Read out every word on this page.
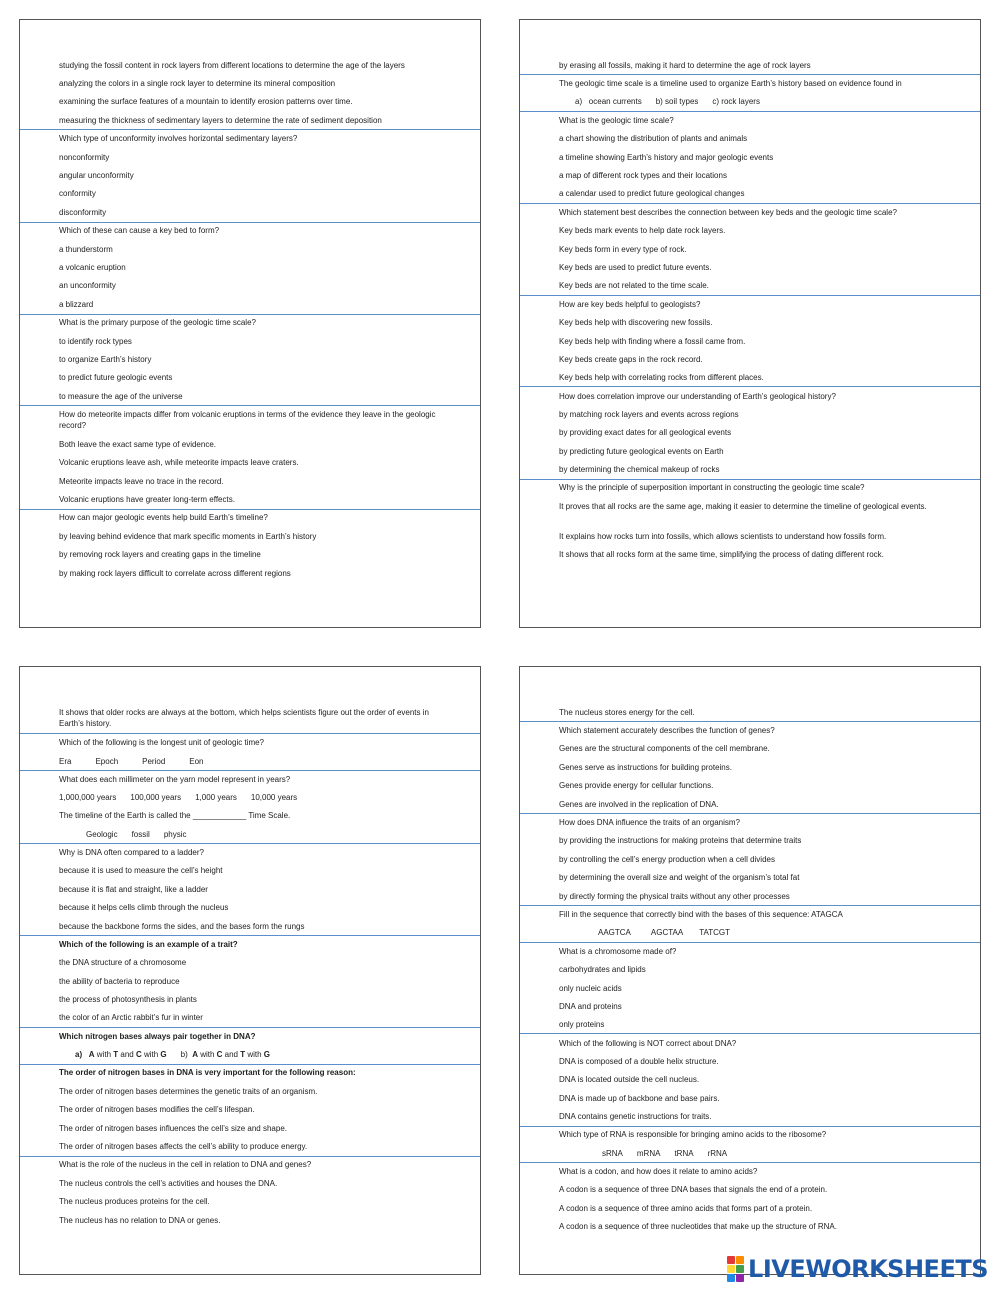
studying the fossil content in rock layers from different locations to determine the age of the layers
analyzing the colors in a single rock layer to determine its mineral composition
examining the surface features of a mountain to identify erosion patterns over time.
measuring the thickness of sedimentary layers to determine the rate of sediment deposition
Which type of unconformity involves horizontal sedimentary layers?
nonconformity
angular unconformity
conformity
disconformity
Which of these can cause a key bed to form?
a thunderstorm
a volcanic eruption
an unconformity
a blizzard
What is the primary purpose of the geologic time scale?
to identify rock types
to organize Earth’s history
to predict future geologic events
to measure the age of the universe
How do meteorite impacts differ from volcanic eruptions in terms of the evidence they leave in the geologic record?
Both leave the exact same type of evidence.
Volcanic eruptions leave ash, while meteorite impacts leave craters.
Meteorite impacts leave no trace in the record.
Volcanic eruptions have greater long-term effects.
How can major geologic events help build Earth’s timeline?
by leaving behind evidence that mark specific moments in Earth’s history
by removing rock layers and creating gaps in the timeline
by making rock layers difficult to correlate across different regions
by erasing all fossils, making it hard to determine the age of rock layers
The geologic time scale is a timeline used to organize Earth’s history based on evidence found in
a) ocean currents b) soil types c) rock layers
What is the geologic time scale?
a chart showing the distribution of plants and animals
a timeline showing Earth’s history and major geologic events
a map of different rock types and their locations
a calendar used to predict future geological changes
Which statement best describes the connection between key beds and the geologic time scale?
Key beds mark events to help date rock layers.
Key beds form in every type of rock.
Key beds are used to predict future events.
Key beds are not related to the time scale.
How are key beds helpful to geologists?
Key beds help with discovering new fossils.
Key beds help with finding where a fossil came from.
Key beds create gaps in the rock record.
Key beds help with correlating rocks from different places.
How does correlation improve our understanding of Earth’s geological history?
by matching rock layers and events across regions
by providing exact dates for all geological events
by predicting future geological events on Earth
by determining the chemical makeup of rocks
Why is the principle of superposition important in constructing the geologic time scale?
It proves that all rocks are the same age, making it easier to determine the timeline of geological events.
It explains how rocks turn into fossils, which allows scientists to understand how fossils form.
It shows that all rocks form at the same time, simplifying the process of dating different rock.
It shows that older rocks are always at the bottom, which helps scientists figure out the order of events in Earth’s history.
Which of the following is the longest unit of geologic time?
Era	Epoch	Period	Eon
What does each millimeter on the yarn model represent in years?
1,000,000 years 100,000 years 1,000 years 10,000 years
The timeline of the Earth is called the ____________ Time Scale.
Geologic fossil physic
Why is DNA often compared to a ladder?
because it is used to measure the cell’s height
because it is flat and straight, like a ladder
because it helps cells climb through the nucleus
because the backbone forms the sides, and the bases form the rungs
Which of the following is an example of a trait?
the DNA structure of a chromosome
the ability of bacteria to reproduce
the process of photosynthesis in plants
the color of an Arctic rabbit’s fur in winter
Which nitrogen bases always pair together in DNA?
a) A with T and C with G b) A with C and T with G
The order of nitrogen bases in DNA is very important for the following reason:
The order of nitrogen bases determines the genetic traits of an organism.
The order of nitrogen bases modifies the cell’s lifespan.
The order of nitrogen bases influences the cell’s size and shape.
The order of nitrogen bases affects the cell’s ability to produce energy.
What is the role of the nucleus in the cell in relation to DNA and genes?
The nucleus controls the cell’s activities and houses the DNA.
The nucleus produces proteins for the cell.
The nucleus has no relation to DNA or genes.
The nucleus stores energy for the cell.
Which statement accurately describes the function of genes?
Genes are the structural components of the cell membrane.
Genes serve as instructions for building proteins.
Genes provide energy for cellular functions.
Genes are involved in the replication of DNA.
How does DNA influence the traits of an organism?
by providing the instructions for making proteins that determine traits
by controlling the cell’s energy production when a cell divides
by determining the overall size and weight of the organism’s total fat
by directly forming the physical traits without any other processes
Fill in the sequence that correctly bind with the bases of this sequence: ATAGCA
AAGTCA	AGCTAA TATCGT
What is a chromosome made of?
carbohydrates and lipids
only nucleic acids
DNA and proteins
only proteins
Which of the following is NOT correct about DNA?
DNA is composed of a double helix structure.
DNA is located outside the cell nucleus.
DNA is made up of backbone and base pairs.
DNA contains genetic instructions for traits.
Which type of RNA is responsible for bringing amino acids to the ribosome?
sRNA mRNA tRNA rRNA
What is a codon, and how does it relate to amino acids?
A codon is a sequence of three DNA bases that signals the end of a protein.
A codon is a sequence of three amino acids that forms part of a protein.
A codon is a sequence of three nucleotides that make up the structure of RNA.
LIVEWORKSHEETS
